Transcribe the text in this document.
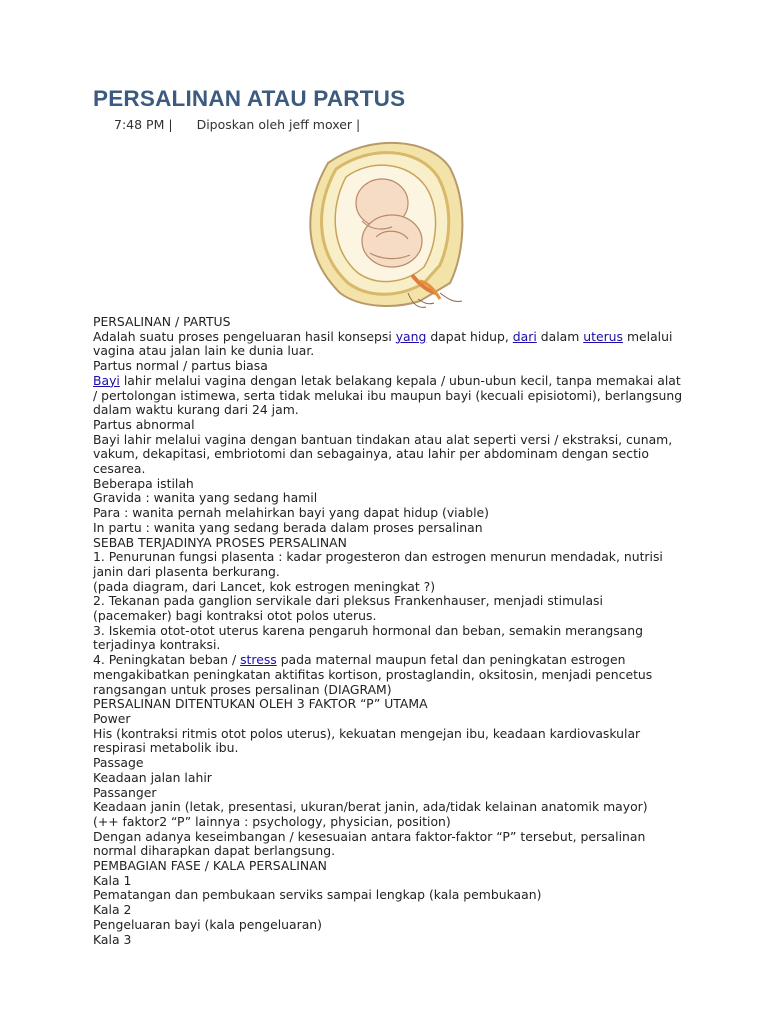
PERSALINAN ATAU PARTUS
7:48 PM | Diposkan oleh jeff moxer |

PERSALINAN / PARTUS

Adalah suatu proses pengeluaran hasil konsepsi yang dapat hidup, dari dalam uterus melalui vagina atau jalan lain ke dunia luar.

Partus normal / partus biasa

Bayi lahir melalui vagina dengan letak belakang kepala / ubun-ubun kecil, tanpa memakai alat / pertolongan istimewa, serta tidak melukai ibu maupun bayi (kecuali episiotomi), berlangsung dalam waktu kurang dari 24 jam.

Partus abnormal

Bayi lahir melalui vagina dengan bantuan tindakan atau alat seperti versi / ekstraksi, cunam, vakum, dekapitasi, embriotomi dan sebagainya, atau lahir per abdominam dengan sectio cesarea.

Beberapa istilah

Gravida : wanita yang sedang hamil

Para : wanita pernah melahirkan bayi yang dapat hidup (viable)

In partu : wanita yang sedang berada dalam proses persalinan

SEBAB TERJADINYA PROSES PERSALINAN

1. Penurunan fungsi plasenta : kadar progesteron dan estrogen menurun mendadak, nutrisi janin dari plasenta berkurang.

(pada diagram, dari Lancet, kok estrogen meningkat ?)

2. Tekanan pada ganglion servikale dari pleksus Frankenhauser, menjadi stimulasi (pacemaker) bagi kontraksi otot polos uterus.

3. Iskemia otot-otot uterus karena pengaruh hormonal dan beban, semakin merangsang terjadinya kontraksi.

4. Peningkatan beban / stress pada maternal maupun fetal dan peningkatan estrogen mengakibatkan peningkatan aktifitas kortison, prostaglandin, oksitosin, menjadi pencetus rangsangan untuk proses persalinan (DIAGRAM)

PERSALINAN DITENTUKAN OLEH 3 FAKTOR “P” UTAMA

Power

His (kontraksi ritmis otot polos uterus), kekuatan mengejan ibu, keadaan kardiovaskular respirasi metabolik ibu.

Passage

Keadaan jalan lahir

Passanger

Keadaan janin (letak, presentasi, ukuran/berat janin, ada/tidak kelainan anatomik mayor)

(++ faktor2 “P” lainnya : psychology, physician, position)

Dengan adanya keseimbangan / kesesuaian antara faktor-faktor “P” tersebut, persalinan normal diharapkan dapat berlangsung.

PEMBAGIAN FASE / KALA PERSALINAN

Kala 1

Pematangan dan pembukaan serviks sampai lengkap (kala pembukaan)

Kala 2

Pengeluaran bayi (kala pengeluaran)

Kala 3
